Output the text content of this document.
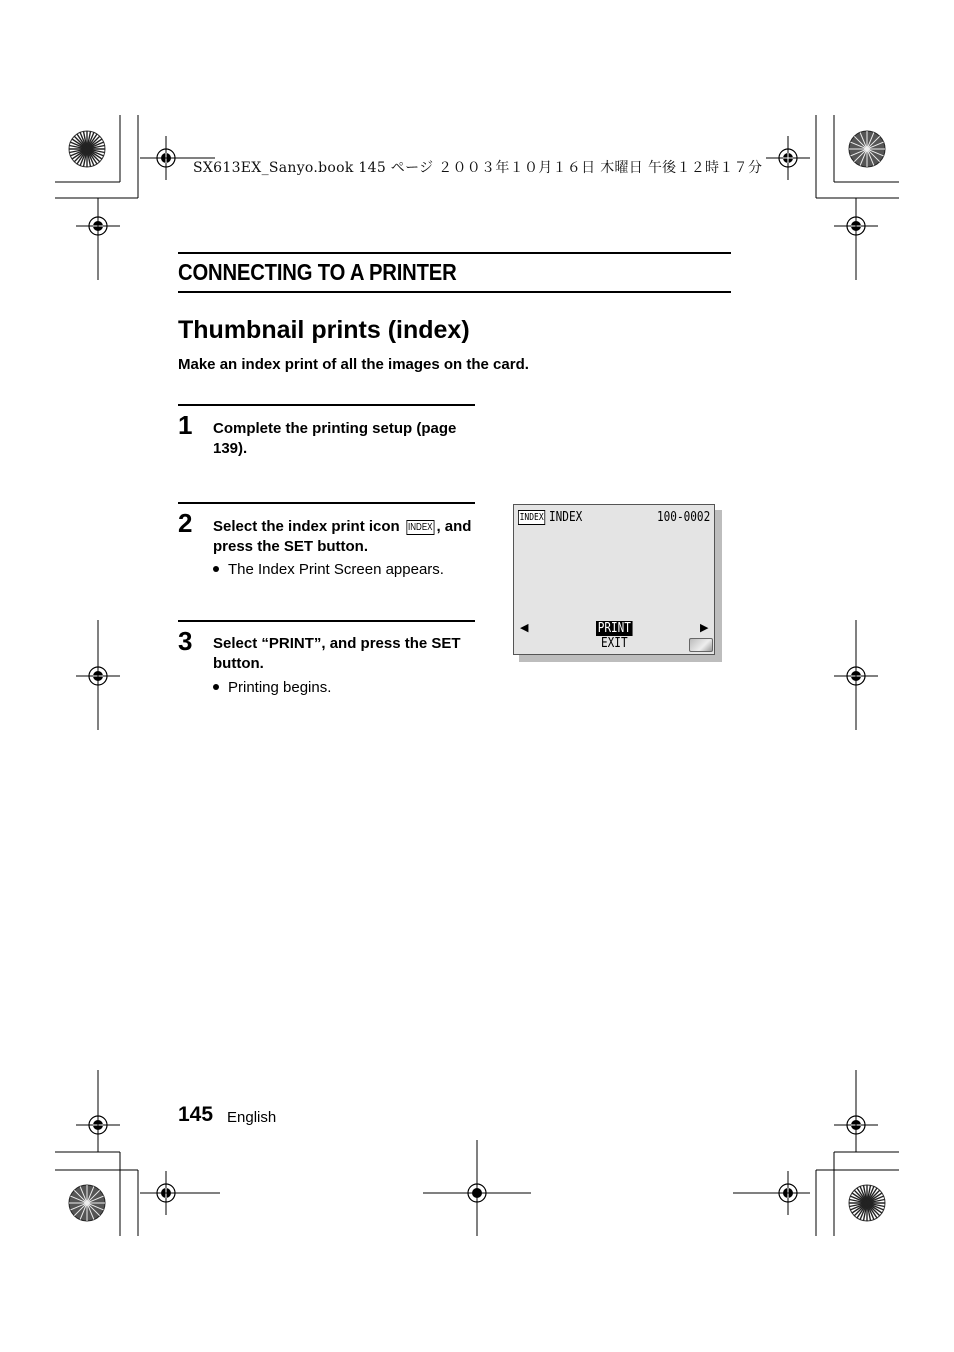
SX613EX_Sanyo.book 145 ページ ２００３年１０月１６日 木曜日 午後１２時１７分
CONNECTING TO A PRINTER
Thumbnail prints (index)
Make an index print of all the images on the card.
1 Complete the printing setup (page
139).
2 Select the index print icon INDEX , and
press the SET button.
The Index Print Screen appears.
3 Select “PRINT”, and press the SET
button.
Printing begins.
INDEX INDEX	100-0002
◀	▶
PRINT
EXIT
145 English
